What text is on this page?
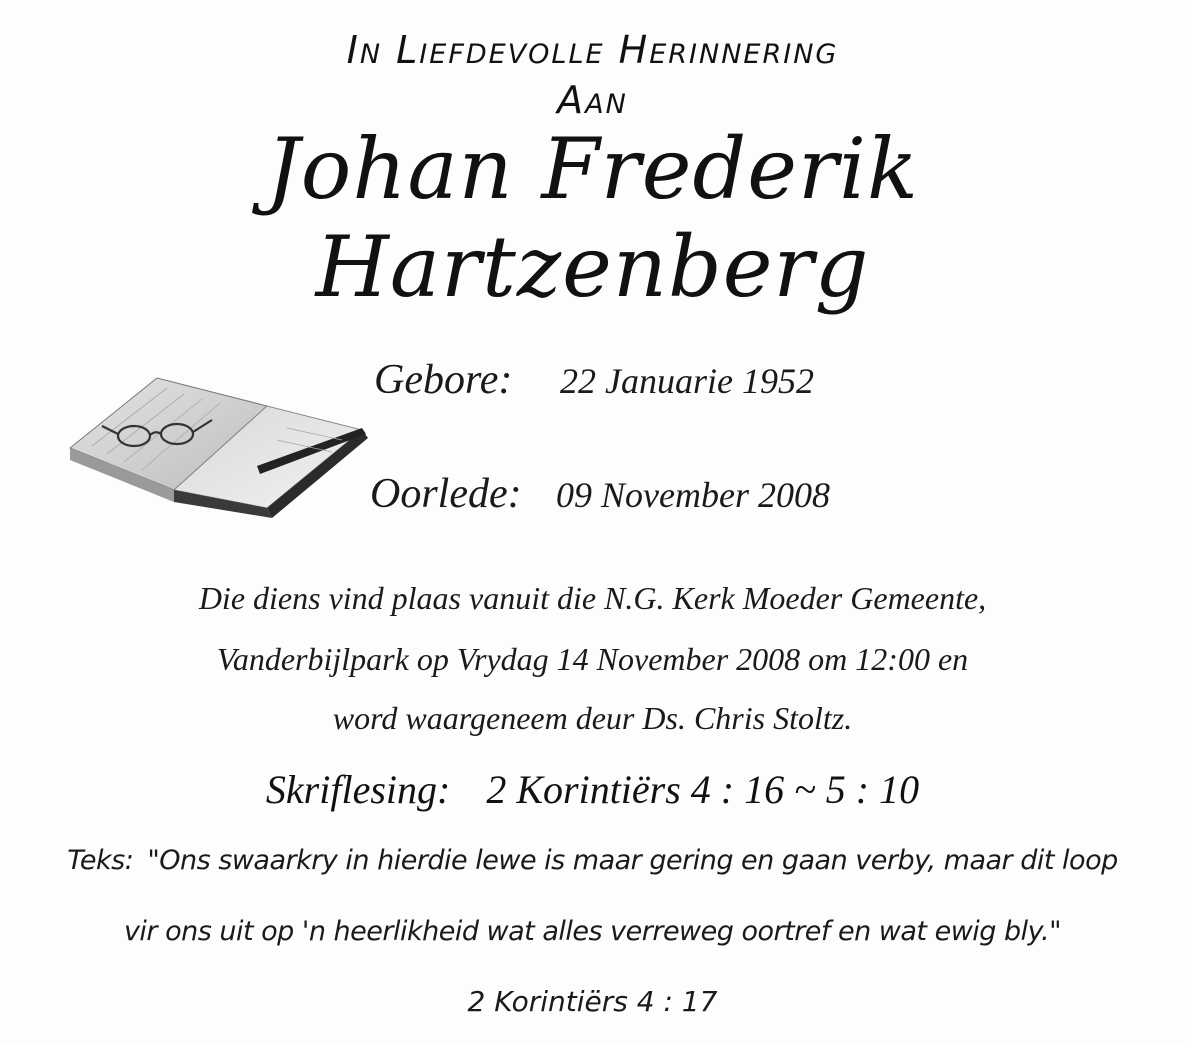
In Liefdevolle Herinnering
Aan
Johan Frederik
Hartzenberg
Gebore: 22 Januarie 1952
Oorlede: 09 November 2008
Die diens vind plaas vanuit die N.G. Kerk Moeder Gemeente,
Vanderbijlpark op Vrydag 14 November 2008 om 12:00 en
word waargeneem deur Ds. Chris Stoltz.
Skriflesing: 2 Korintiërs 4 : 16 ~ 5 : 10
Teks: "Ons swaarkry in hierdie lewe is maar gering en gaan verby, maar dit loop
vir ons uit op 'n heerlikheid wat alles verreweg oortref en wat ewig bly."
2 Korintiërs 4 : 17
